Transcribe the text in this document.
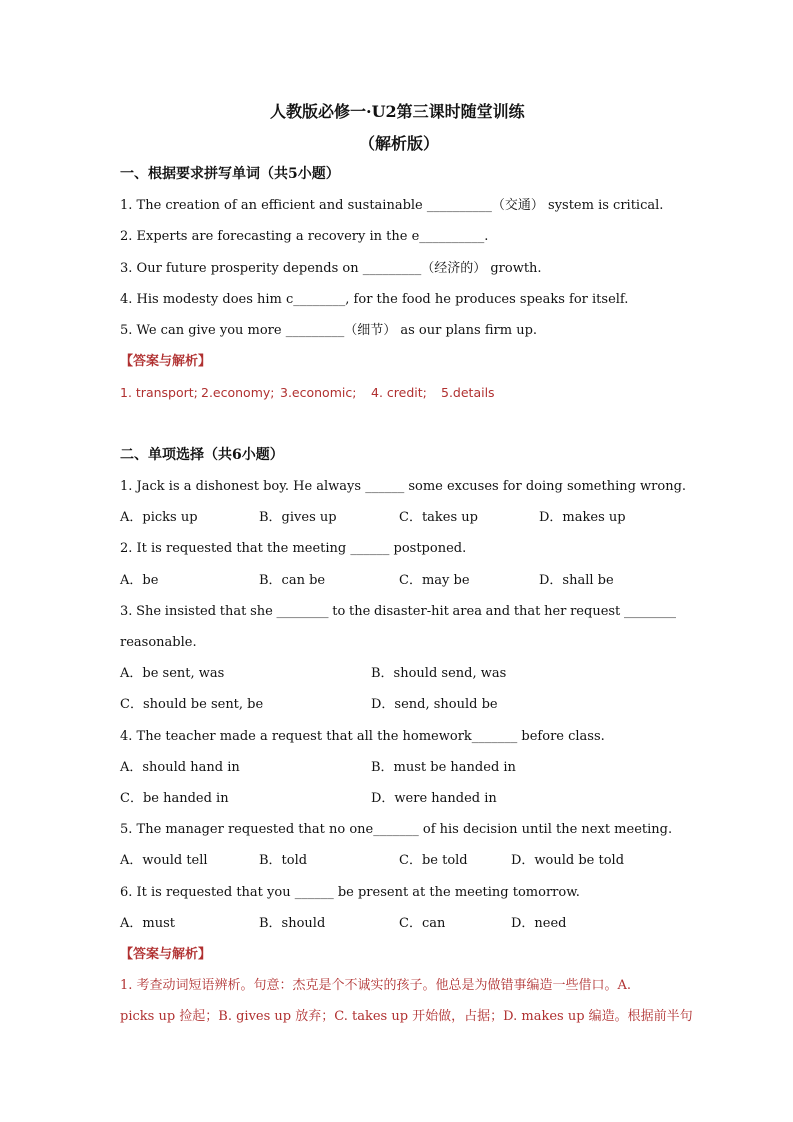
人教版必修一·U2第三课时随堂训练
（解析版）
一、根据要求拼写单词（共5小题）
1. The creation of an efficient and sustainable __________（交通） system is critical.
2. Experts are forecasting a recovery in the e__________.
3. Our future prosperity depends on _________（经济的） growth.
4. His modesty does him c________, for the food he produces speaks for itself.
5. We can give you more _________（细节） as our plans firm up.
【答案与解析】
1. transport; 2.economy; 3.economic; 4. credit; 5.details
二、单项选择（共6小题）
1. Jack is a dishonest boy. He always ______ some excuses for doing something wrong.
A．picks up	B．gives up	C．takes up	D．makes up
2. It is requested that the meeting ______ postponed.
A．be	B．can be	C．may be	D．shall be
3. She insisted that she ________ to the disaster-hit area and that her request ________
reasonable.
A．be sent, was	B．should send, was
C．should be sent, be	D．send, should be
4. The teacher made a request that all the homework_______ before class.
A．should hand in	B．must be handed in
C．be handed in	D．were handed in
5. The manager requested that no one_______ of his decision until the next meeting.
A．would tell	B．told	C．be told	D．would be told
6. It is requested that you ______ be present at the meeting tomorrow.
A．must	B．should	C．can	D．need
【答案与解析】
1. 考查动词短语辨析。句意：杰克是个不诚实的孩子。他总是为做错事编造一些借口。A.
picks up 捡起；B. gives up 放弃；C. takes up 开始做，占据；D. makes up 编造。根据前半句
